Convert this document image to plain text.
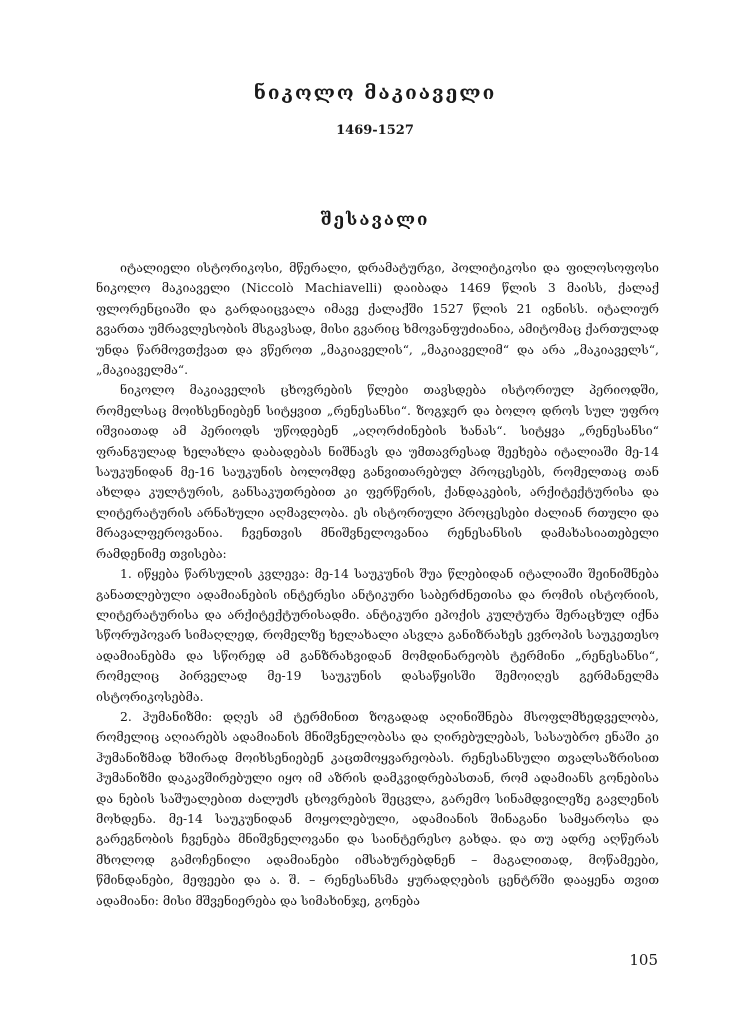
ნიკოლო მაკიაველი
1469-1527
შესავალი

იტალიელი ისტორიკოსი, მწერალი, დრამატურგი, პოლიტიკოსი და ფილოსოფოსი ნიკოლო მაკიაველი (Niccolò Machiavelli) დაიბადა 1469 წლის 3 მაისს, ქალაქ ფლორენციაში და გარდაიცვალა იმავე ქალაქში 1527 წლის 21 ივნისს. იტალიურ გვართა უმრავლესობის მსგავსად, მისი გვარიც ხმოვანფუძიანია, ამიტომაც ქართულად უნდა წარმოვთქვათ და ვწეროთ „მაკიაველის“, „მაკიაველიმ“ და არა „მაკიაველს“, „მაკიაველმა“.

ნიკოლო მაკიაველის ცხოვრების წლები თავსდება ისტორიულ პერიოდში, რომელსაც მოიხსენიებენ სიტყვით „რენესანსი“. ზოგჯერ და ბოლო დროს სულ უფრო იშვიათად ამ პერიოდს უწოდებენ „აღორძინების ხანას“. სიტყვა „რენესანსი“ ფრანგულად ხელახლა დაბადებას ნიშნავს და უმთავრესად შეეხება იტალიაში მე-14 საუკუნიდან მე-16 საუკუნის ბოლომდე განვითარებულ პროცესებს, რომელთაც თან ახლდა კულტურის, განსაკუთრებით კი ფერწერის, ქანდაკების, არქიტექტურისა და ლიტერატურის არნახული აღმავლობა. ეს ისტორიული პროცესები ძალიან რთული და მრავალფეროვანია. ჩვენთვის მნიშვნელოვანია რენესანსის დამახასიათებელი რამდენიმე თვისება:

1. იწყება წარსულის კვლევა: მე-14 საუკუნის შუა წლებიდან იტალიაში შეინიშნება განათლებული ადამიანების ინტერესი ანტიკური საბერძნეთისა და რომის ისტორიის, ლიტერატურისა და არქიტექტურისადმი. ანტიკური ეპოქის კულტურა შერაცხულ იქნა სწორუპოვარ სიმაღლედ, რომელზე ხელახალი ასვლა განიზრახეს ევროპის საუკეთესო ადამიანებმა და სწორედ ამ განზრახვიდან მომდინარეობს ტერმინი „რენესანსი“, რომელიც პირველად მე-19 საუკუნის დასაწყისში შემოიღეს გერმანელმა ისტორიკოსებმა.

2. ჰუმანიზმი: დღეს ამ ტერმინით ზოგადად აღინიშნება მსოფლმხედველობა, რომელიც აღიარებს ადამიანის მნიშვნელობასა და ღირებულებას, სასაუბრო ენაში კი ჰუმანიზმად ხშირად მოიხსენიებენ კაცთმოყვარეობას. რენესანსული თვალსაზრისით ჰუმანიზმი დაკავშირებული იყო იმ აზრის დამკვიდრებასთან, რომ ადამიანს გონებისა და ნების საშუალებით ძალუძს ცხოვრების შეცვლა, გარემო სინამდვილეზე გავლენის მოხდენა. მე-14 საუკუნიდან მოყოლებული, ადამიანის შინაგანი სამყაროსა და გარეგნობის ჩვენება მნიშვნელოვანი და საინტერესო გახდა. და თუ ადრე აღწერას მხოლოდ გამოჩენილი ადამიანები იმსახურებდნენ – მაგალითად, მოწამეები, წმინდანები, მეფეები და ა. შ. – რენესანსმა ყურადღების ცენტრში დააყენა თვით ადამიანი: მისი მშვენიერება და სიმახინჯე, გონება

105
